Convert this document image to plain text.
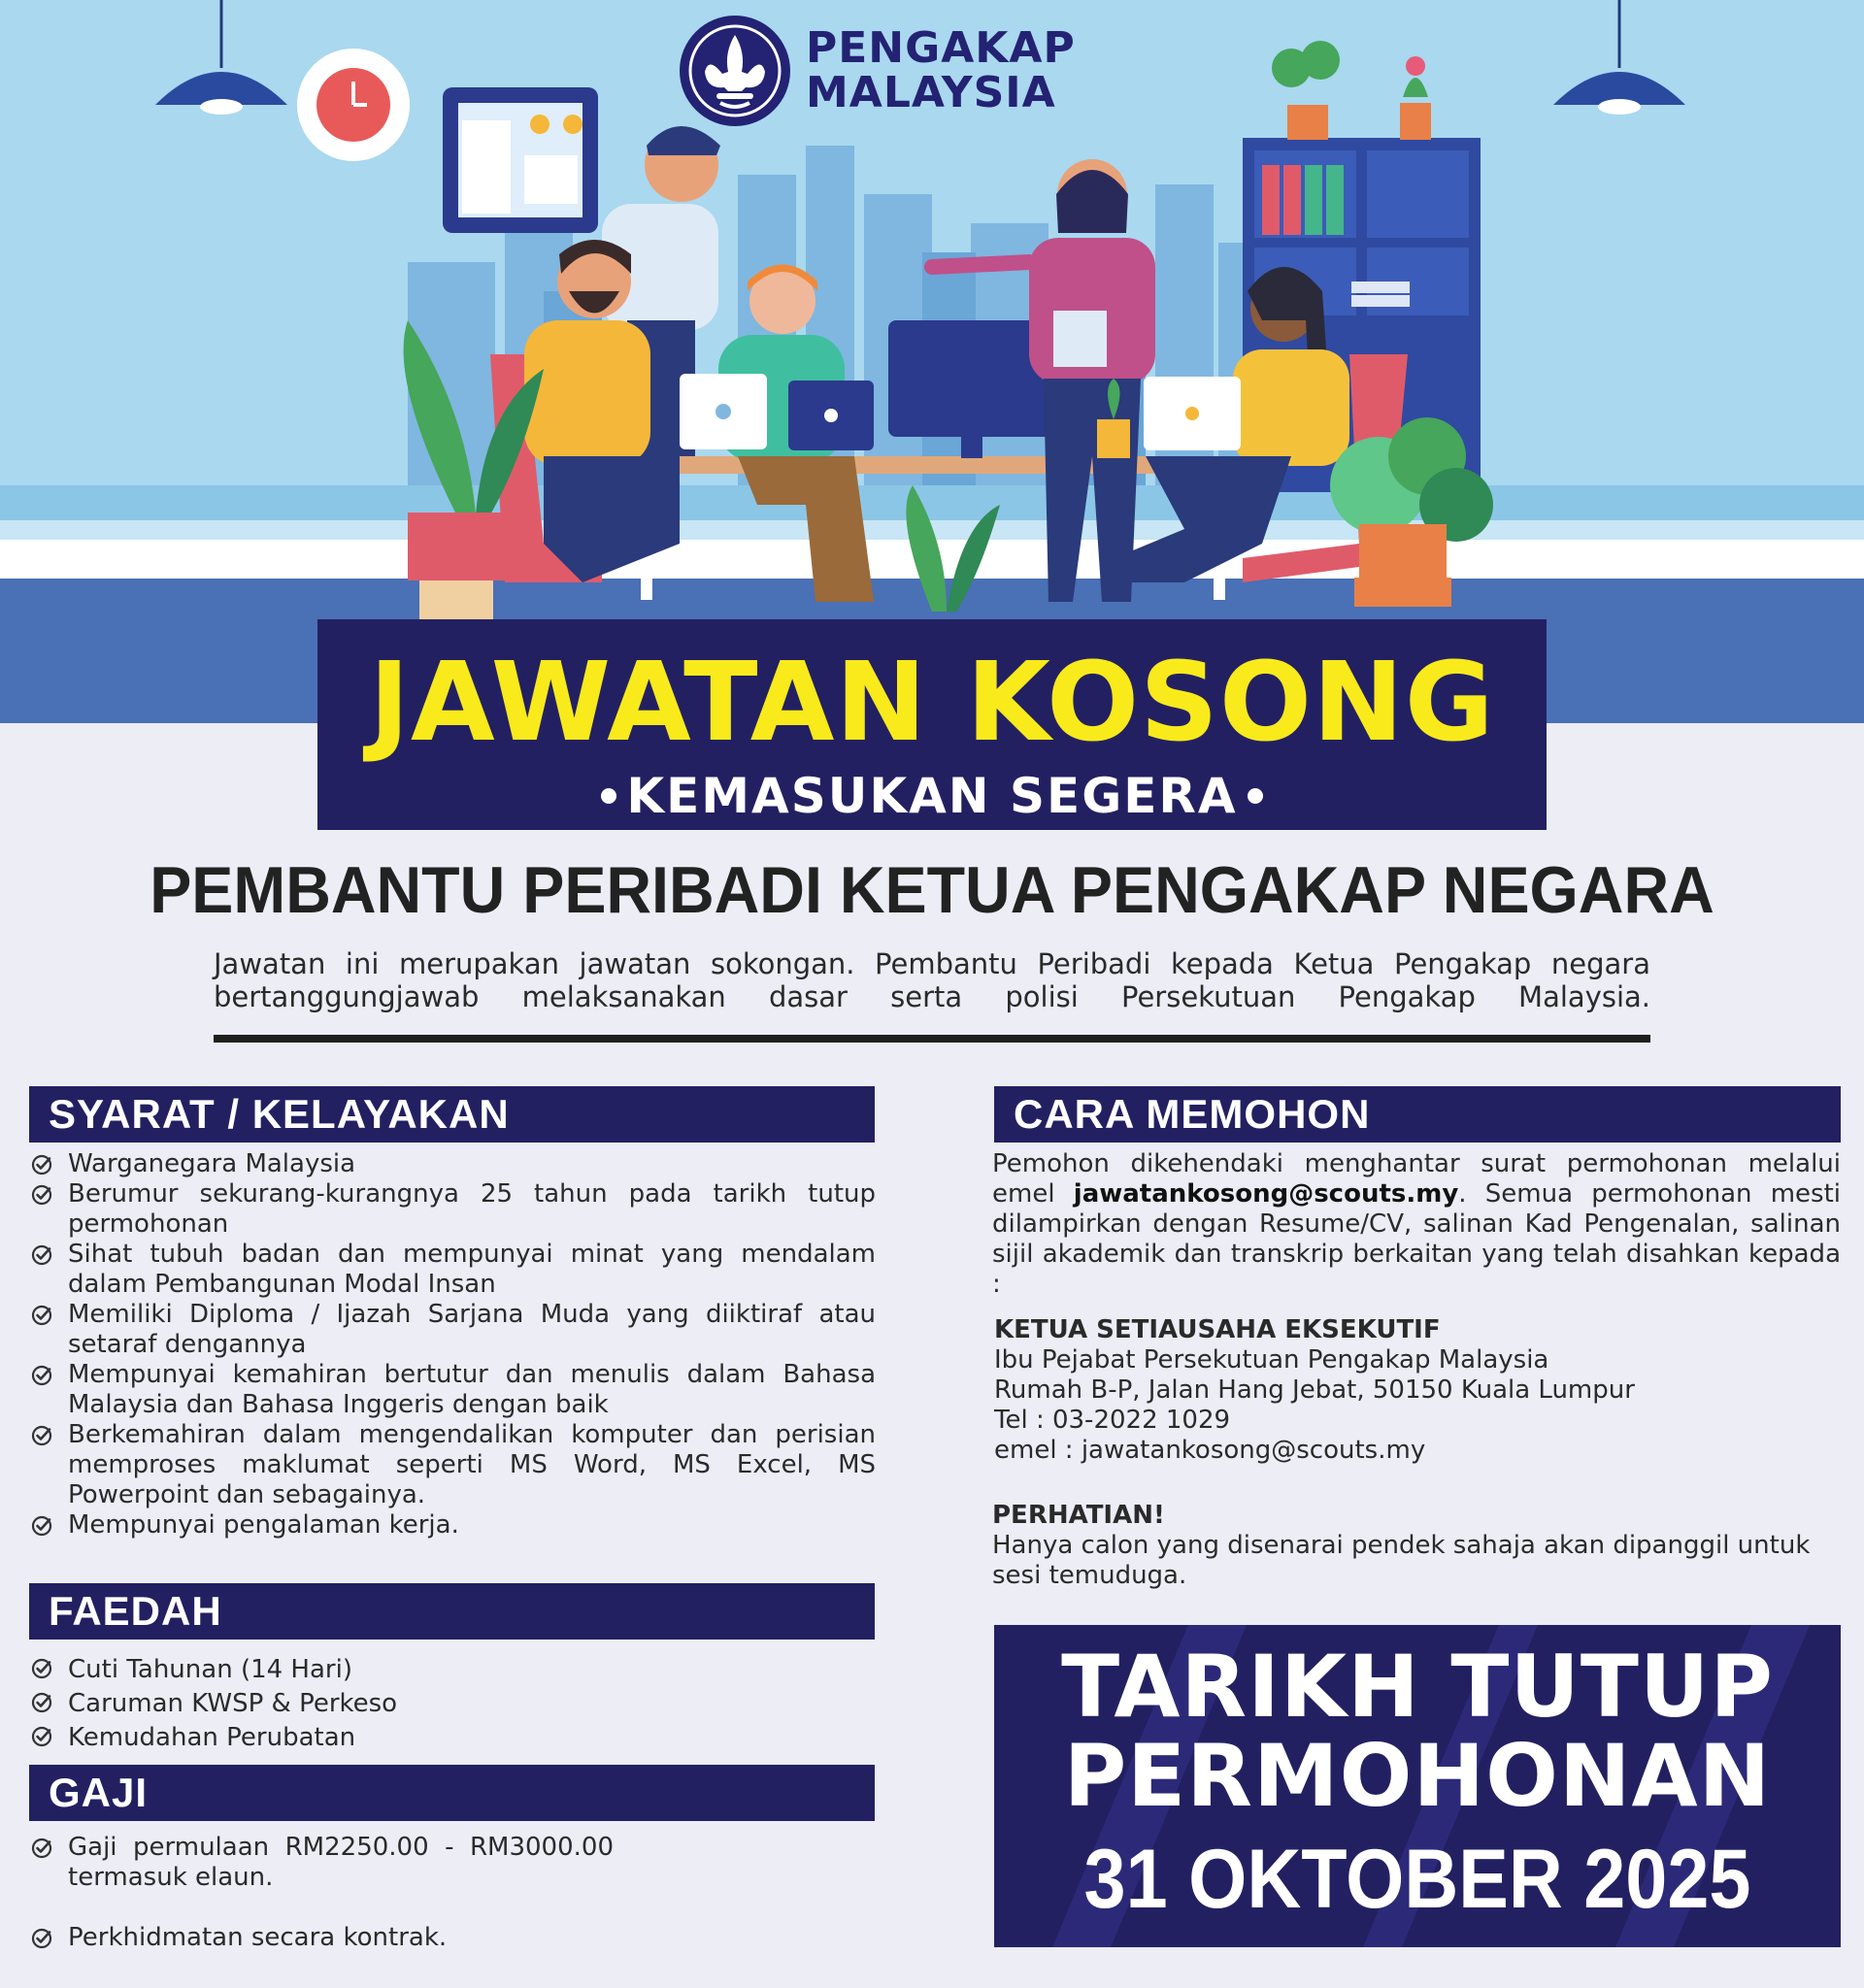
PENGAKAP
MALAYSIA
JAWATAN KOSONG
KEMASUKAN SEGERA
PEMBANTU PERIBADI KETUA PENGAKAP NEGARA

Jawatan ini merupakan jawatan sokongan. Pembantu Peribadi kepada Ketua Pengakap negara bertanggungjawab melaksanakan dasar serta polisi Persekutuan Pengakap Malaysia.

SYARAT / KELAYAKAN
Warganegara Malaysia
Berumur sekurang-kurangnya 25 tahun pada tarikh tutup permohonan
Sihat tubuh badan dan mempunyai minat yang mendalam dalam Pembangunan Modal Insan
Memiliki Diploma / Ijazah Sarjana Muda yang diiktiraf atau setaraf dengannya
Mempunyai kemahiran bertutur dan menulis dalam Bahasa Malaysia dan Bahasa Inggeris dengan baik
Berkemahiran dalam mengendalikan komputer dan perisian memproses maklumat seperti MS Word, MS Excel, MS Powerpoint dan sebagainya.
Mempunyai pengalaman kerja.
FAEDAH
Cuti Tahunan (14 Hari)
Caruman KWSP & Perkeso
Kemudahan Perubatan
GAJI
Gaji permulaan RM2250.00 - RM3000.00 termasuk elaun.
Perkhidmatan secara kontrak.
CARA MEMOHON
Pemohon dikehendaki menghantar surat permohonan melalui emel jawatankosong@scouts.my. Semua permohonan mesti dilampirkan dengan Resume/CV, salinan Kad Pengenalan, salinan sijil akademik dan transkrip berkaitan yang telah disahkan kepada :
KETUA SETIAUSAHA EKSEKUTIF
Ibu Pejabat Persekutuan Pengakap Malaysia
Rumah B-P, Jalan Hang Jebat, 50150 Kuala Lumpur
Tel : 03-2022 1029
emel : jawatankosong@scouts.my
PERHATIAN!
Hanya calon yang disenarai pendek sahaja akan dipanggil untuk sesi temuduga.
TARIKH TUTUP
PERMOHONAN
31 OKTOBER 2025
